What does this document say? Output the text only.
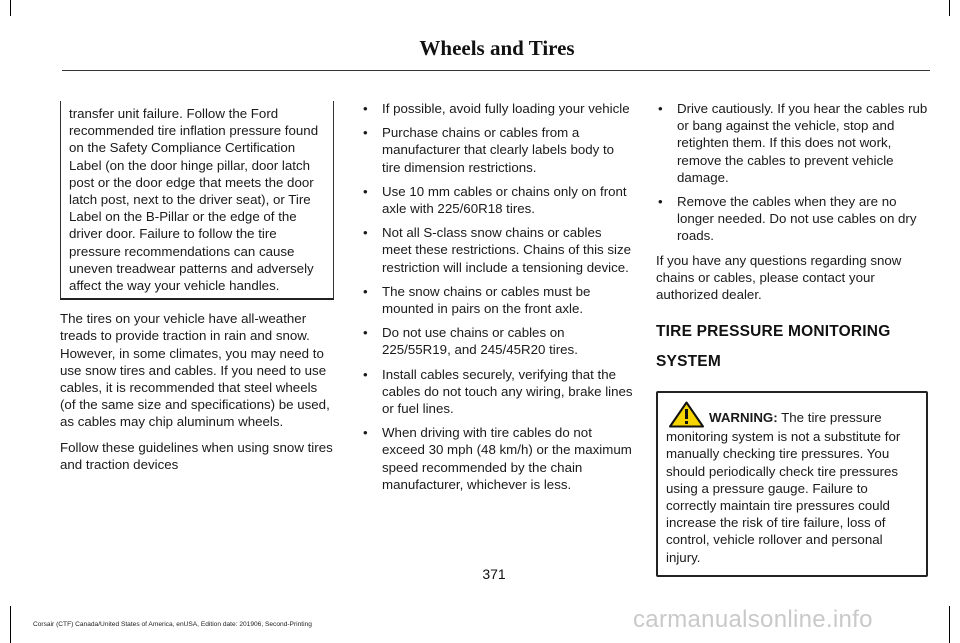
Wheels and Tires

transfer unit failure. Follow the Ford recommended tire inflation pressure found on the Safety Compliance Certification Label (on the door hinge pillar, door latch post or the door edge that meets the door latch post, next to the driver seat), or Tire Label on the B-Pillar or the edge of the driver door. Failure to follow the tire pressure recommendations can cause uneven treadwear patterns and adversely affect the way your vehicle handles.

The tires on your vehicle have all-weather treads to provide traction in rain and snow. However, in some climates, you may need to use snow tires and cables. If you need to use cables, it is recommended that steel wheels (of the same size and specifications) be used, as cables may chip aluminum wheels.

Follow these guidelines when using snow tires and traction devices

• If possible, avoid fully loading your vehicle
• Purchase chains or cables from a manufacturer that clearly labels body to tire dimension restrictions.
• Use 10 mm cables or chains only on front axle with 225/60R18 tires.
• Not all S-class snow chains or cables meet these restrictions. Chains of this size restriction will include a tensioning device.
• The snow chains or cables must be mounted in pairs on the front axle.
• Do not use chains or cables on 225/55R19, and 245/45R20 tires.
• Install cables securely, verifying that the cables do not touch any wiring, brake lines or fuel lines.
• When driving with tire cables do not exceed 30 mph (48 km/h) or the maximum speed recommended by the chain manufacturer, whichever is less.
• Drive cautiously. If you hear the cables rub or bang against the vehicle, stop and retighten them. If this does not work, remove the cables to prevent vehicle damage.
• Remove the cables when they are no longer needed. Do not use cables on dry roads.

If you have any questions regarding snow chains or cables, please contact your authorized dealer.

TIRE PRESSURE MONITORING
SYSTEM
WARNING: The tire pressure monitoring system is not a substitute for manually checking tire pressures. You should periodically check tire pressures using a pressure gauge. Failure to correctly maintain tire pressures could increase the risk of tire failure, loss of control, vehicle rollover and personal injury.
371
Corsair (CTF) Canada/United States of America, enUSA, Edition date: 201906, Second-Printing	carmanualsonline.info
